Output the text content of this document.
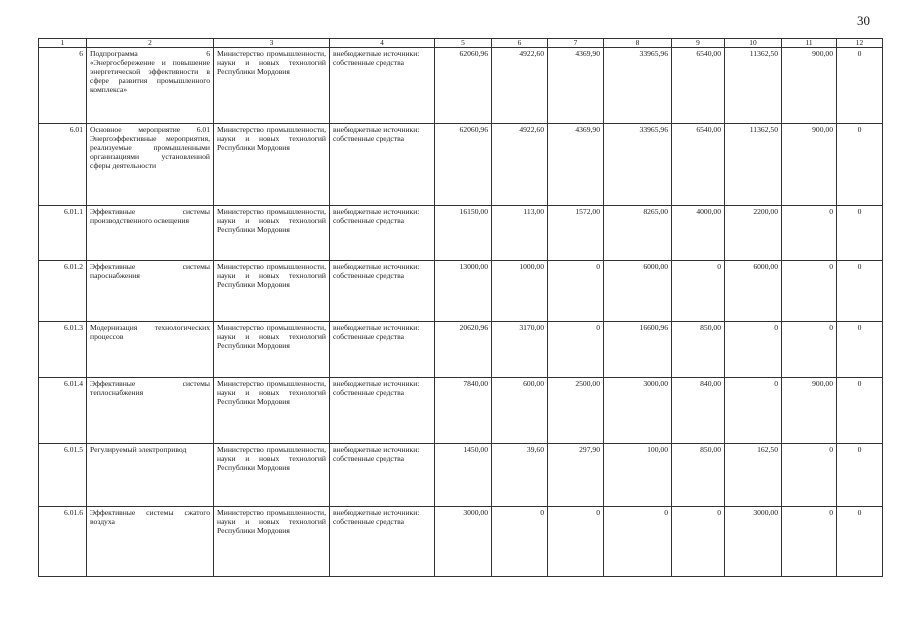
30
1	2	3	4	5	6	7	8	9	10	11	12
6	Подпрограмма 6 «Энергосбережение и повышение энергетической эффективности в сфере развития промышленного комплекса»	Министерство промышленности, науки и новых технологий Республики Мордовия	внебюджетные источники: собственные средства	62060,96	4922,60	4369,90	33965,96	6540,00	11362,50	900,00	0
6.01	Основное мероприятие 6.01 Энергоэффективные мероприятия, реализуемые промышленными организациями установленной сферы деятельности	Министерство промышленности, науки и новых технологий Республики Мордовия	внебюджетные источники: собственные средства	62060,96	4922,60	4369,90	33965,96	6540,00	11362,50	900,00	0
6.01.1	Эффективные системы производственного освещения	Министерство промышленности, науки и новых технологий Республики Мордовия	внебюджетные источники: собственные средства	16150,00	113,00	1572,00	8265,00	4000,00	2200,00	0	0
6.01.2	Эффективные системы пароснабжения	Министерство промышленности, науки и новых технологий Республики Мордовия	внебюджетные источники: собственные средства	13000,00	1000,00	0	6000,00	0	6000,00	0	0
6.01.3	Модернизация технологических процессов	Министерство промышленности, науки и новых технологий Республики Мордовия	внебюджетные источники: собственные средства	20620,96	3170,00	0	16600,96	850,00	0	0	0
6.01.4	Эффективные системы теплоснабжения	Министерство промышленности, науки и новых технологий Республики Мордовия	внебюджетные источники: собственные средства	7840,00	600,00	2500,00	3000,00	840,00	0	900,00	0
6.01.5	Регулируемый электропривод	Министерство промышленности, науки и новых технологий Республики Мордовия	внебюджетные источники: собственные средства	1450,00	39,60	297,90	100,00	850,00	162,50	0	0
6.01.6	Эффективные системы сжатого воздуха	Министерство промышленности, науки и новых технологий Республики Мордовия	внебюджетные источники: собственные средства	3000,00	0	0	0	0	3000,00	0	0
